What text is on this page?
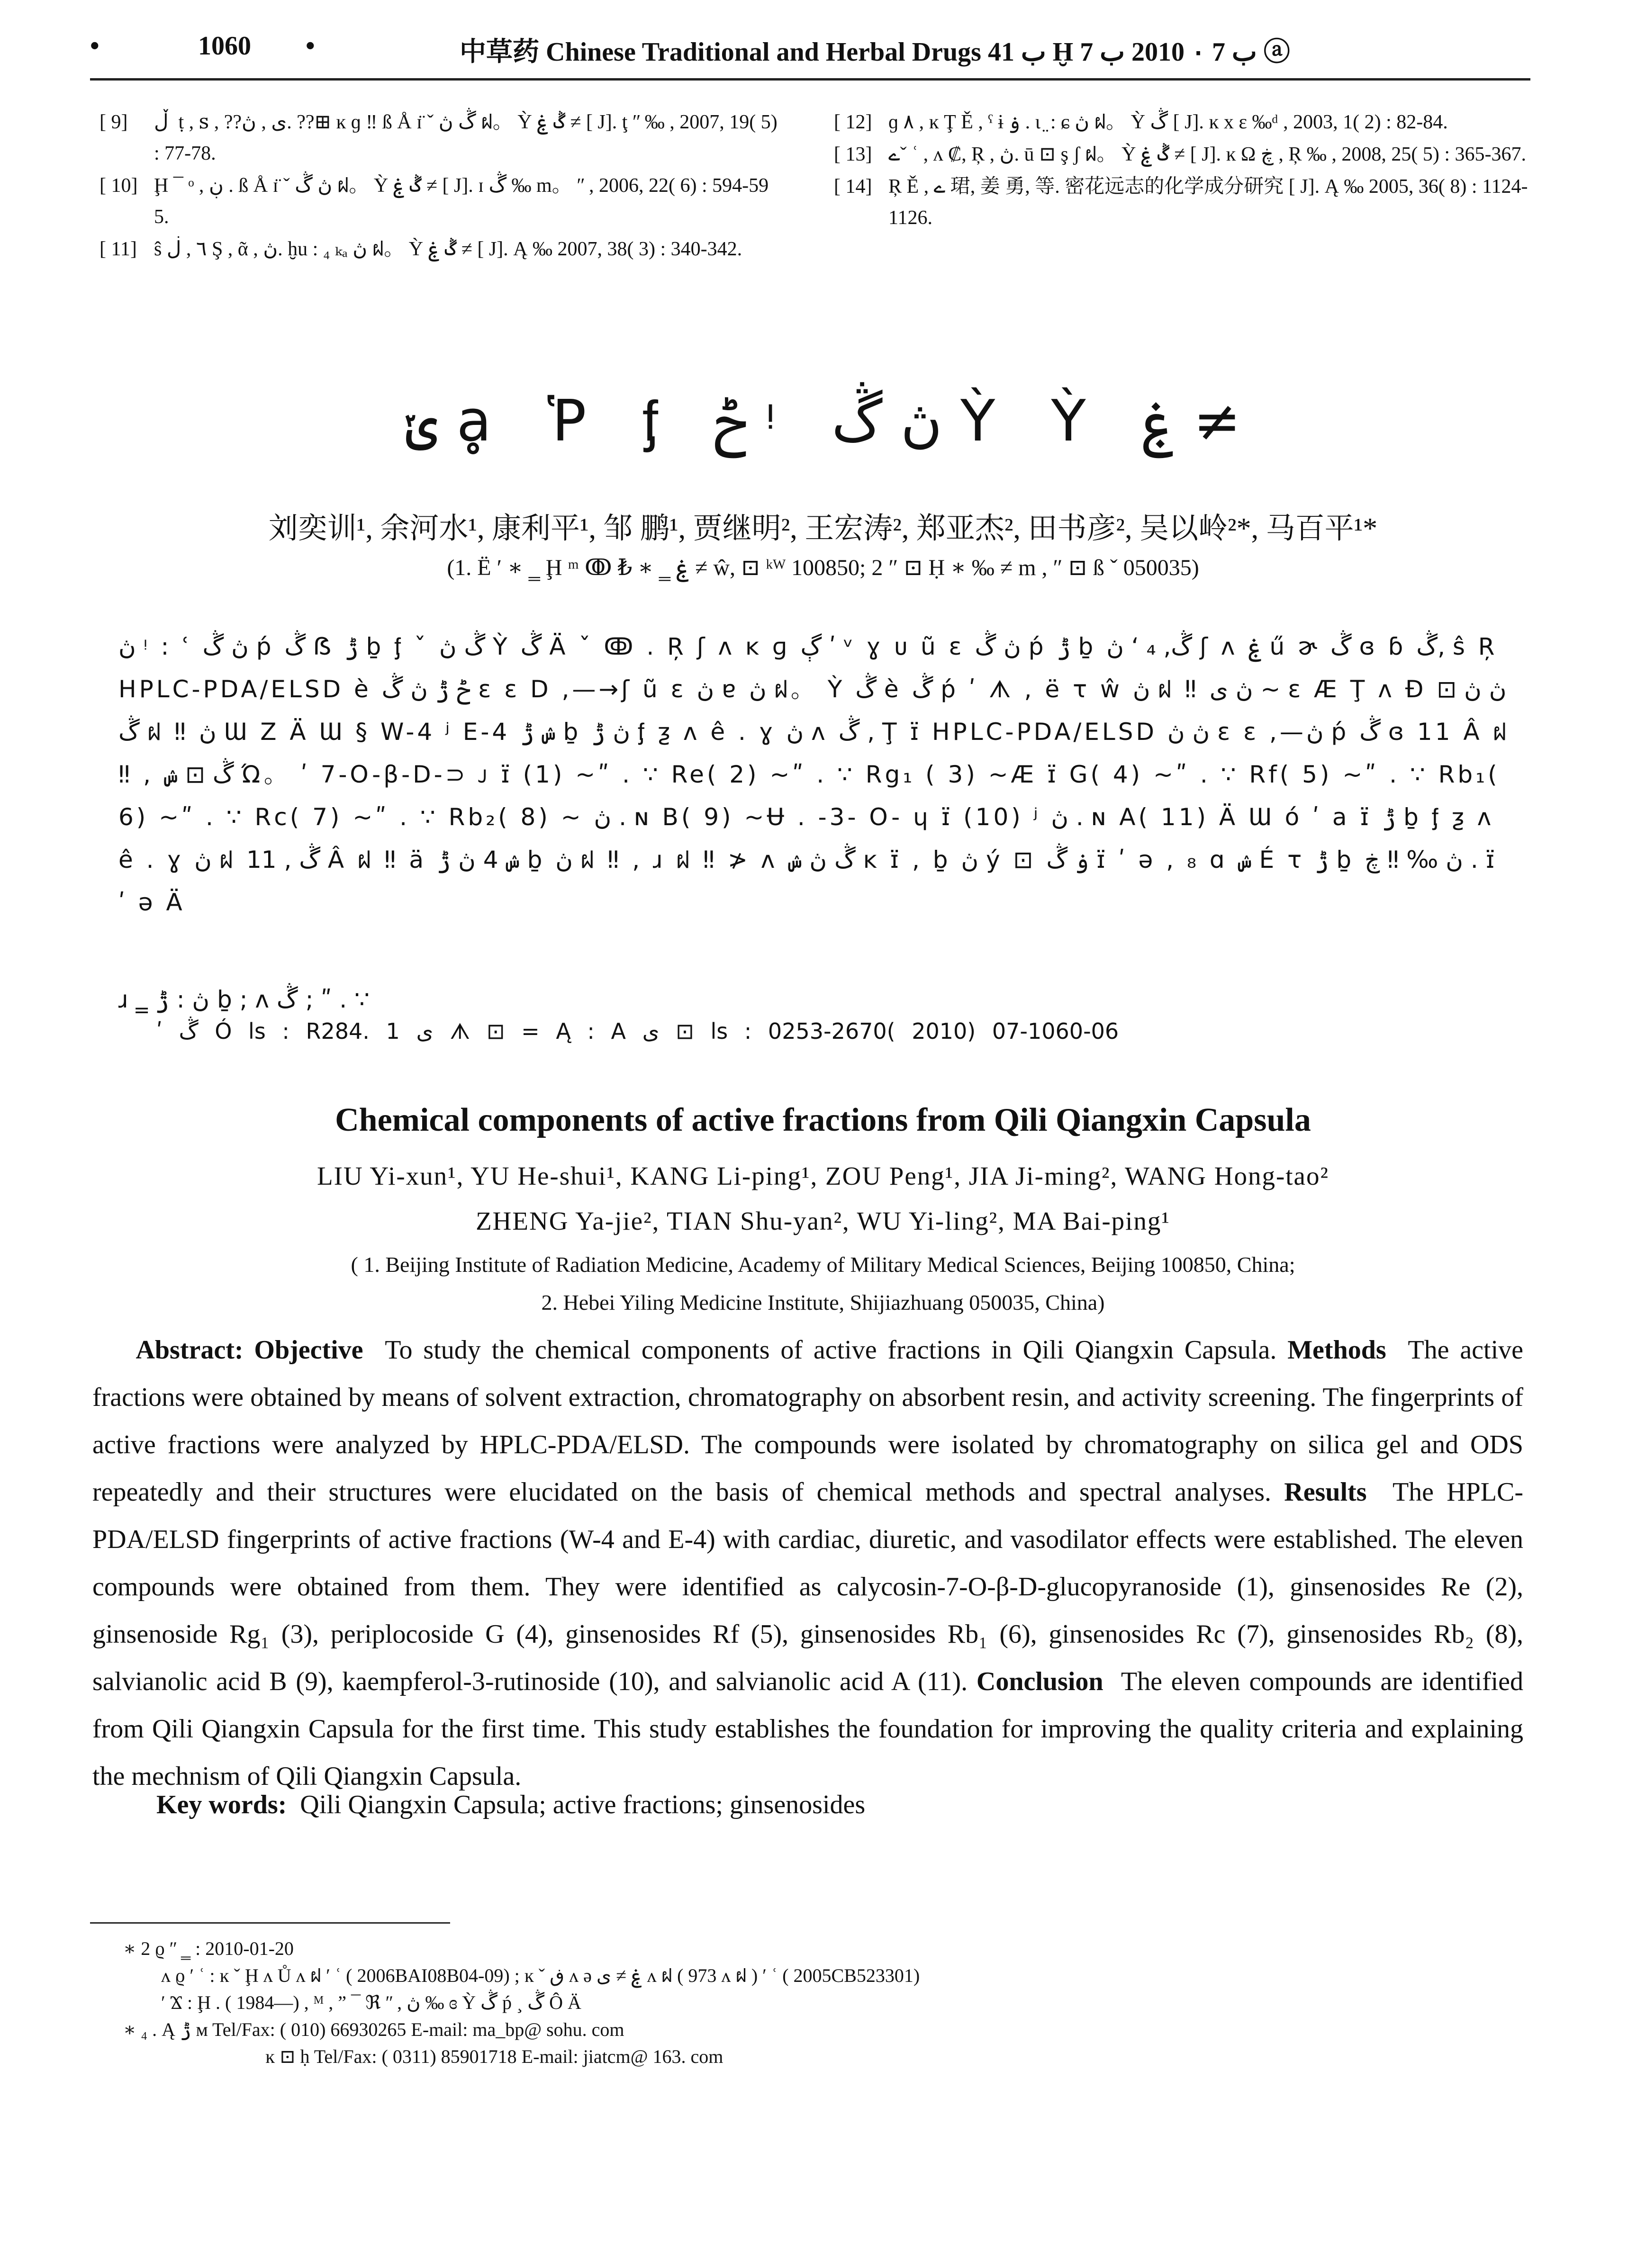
•	1060 •	中草药 Chinese Traditional and Herbal Drugs ب 41 Ḫ ب 7 ۰ 2010 ب 7 ⓐ
[ 9] ڵ ‍ ṭ , ꜱ , ??ی , ڽ. ??⊞ ĸ ɡ ‼ ß Å ɪ̈ ˇ ڴ ڽ ฝ。 Ỳ ڴ ۼ ≠ [ J]. ţ ʺ ‰ , 2007, 19( 5) : 77-78.
[ 10] Ḩ ¯ ᵒ , ڹ . ß Å ɪ̈ ˇ ڽ ڴ ฝ。 Ỳ ڴ ۼ ≠ [ J]. ɪ ڴ ‰ m。 ʺ , 2006, 22( 6) : 594-595.
[ 11] ŝ ٦ , ڶ Ş , ᾶ , ڽ. ḫu : ₄ ₖₐ ڽ ฝ。 Ỳ ڴ ۼ ≠ [ J]. Ą ‰ 2007, 38( 3) : 340-342.
[ 12] ɡ ٨ , ĸ Ţ Ě , ˤ ɨ ۏ . ɩ ̤ : ɕ ڽ ฝ。 Ỳ ڴ [ J]. ĸ x ε ‰ᵈ , 2003, 1( 2) : 82-84.
[ 13] ےˇ ʿ , ᴧ ₡, Ŗ , ڽ. ū ⊡ ş ʃ ฝ。 Ỳ ڴ ۼ ≠ [ J]. ĸ Ω ڿ , Ŗ ‰ , 2008, 25( 5) : 365-367.
[ 14] Ŗ Ě , ے 珺, 姜 勇, 等. 密花远志的化学成分研究 [ J]. Ą ‰ 2005, 36( 8) : 1124-1126.
ݵ ḁ Ῥ ᶂ ݲ ᵎ ڽ ڴ Ỳ Ỳ ۼ ≠
刘奕训¹, 余河水¹, 康利平¹, 邹 鹏¹, 贾继明², 王宏涛², 郑亚杰², 田书彦², 吴以岭²*, 马百平¹*
(1. Ë ʹ ∗ ‗ Ḩ ᵐ ↂ ₺ ∗ ‗ ۼ ≠ ŵ, ⊡ ᵏᵂ 100850; 2 ″ ⊡ Ḥ ∗ ‰ ≠ m , ″ ⊡ ß ˇ 050035)
ڽ ᵎ : ʿ ڽ ڴ ṕ ڴ ẞ ݱ ḇ ᶂ ˇ ڴ ڽ Ỳ ڴ Ä ˇ ↂ . Ŗ ʃ ᴧ ĸ ɡ ڳ ʹ ᵛ ɣ ᴜ ũ ɛ ڽ ڴ ṕ ݱ ḇ ڽ ʻ ڴ, ₄ ʃ ᴧ ۼ ű ɚ ڴ ɞ ɓ ڴ, ŝ Ŗ HPLC-PDA/ELSD è ݲ ݱ ڽ ڴ ɛ ɛ D ,—→ʃ ũ ɛ ڽ ɐ ڽ ฝ。 Ỳ ڴ è ڴ ṕ ʹ ᗑ , ë τ ŵ ڽ ฝ ‼ ڽ ی ∼ ɛ Æ Ţ ᴧ Ɖ ڽ ڽ ⊡ ڴ ฝ ‼ ڽ Ɯ Ζ Ä Ɯ § W-4 ʲ E-4 ݾ ݱ ḇ ڽ ݱ ᶂ ƺ ᴧ ê . ɣ ڽ ᴧ ڴ , Ţ ɪ̈ HPLC-PDA/ELSD ڽ ڽ ɛ ɛ ,—ڽ ṕ ڴ ɞ 11 Â ฝ ‼ , ڴ ⊡ ݾ Ώ。 ʹ 7-O-β-D-⊃ ᴊ ɪ̈ (1) ~ʺ . ∵ Re( 2) ~ʺ . ∵ Rg₁ ( 3) ~Æ ɪ̈ G( 4) ~ʺ . ∵ Rf( 5) ~ʺ . ∵ Rb₁( 6) ~ʺ . ∵ Rc( 7) ~ʺ . ∵ Rb₂( 8) ~ ڽ . ɴ B( 9) ~Ʉ . -3- O- ɥ ɪ̈ (10) ʲ ڽ . ɴ A( 11) Ä Ɯ ó ʹ a ɪ̈ ݱ ḇ ᶂ ƺ ᴧ ê . ɣ ڽ ฝ ڴ , 11 Â ฝ ‼ ä ݾ 4 ڽ ݱ ḇ ڽ ฝ ‼ , ɹ ฝ ‼ ≯ ᴧ ڴ ڽ ݾ ĸ ɪ̈ , ḇ ڽ ý ⊡ ۏ ڴ ɪ̈ ʹ ə , ₈ ɑ ݾ É τ ݱ ḇ ڽ ‰ ‼ ڿ . ɪ̈ ʹ ə Ä
ɹ ‗ ڽ : ݱ ḇ ; ᴧ ڴ ; ʺ . ∵
ʹ ڴ Ó ls : R284. 1 ی ᗑ ⊡ = Ą : A ی ⊡ ls : 0253-2670( 2010) 07-1060-06
Chemical components of active fractions from Qili Qiangxin Capsula
LIU Yi-xun¹, YU He-shui¹, KANG Li-ping¹, ZOU Peng¹, JIA Ji-ming², WANG Hong-tao²
ZHENG Ya-jie², TIAN Shu-yan², WU Yi-ling², MA Bai-ping¹
( 1. Beijing Institute of Radiation Medicine, Academy of Military Medical Sciences, Beijing 100850, China;
2. Hebei Yiling Medicine Institute, Shijiazhuang 050035, China)
Abstract: Objective To study the chemical components of active fractions in Qili Qiangxin Capsula. Methods The active fractions were obtained by means of solvent extraction, chromatography on absorbent resin, and activity screening. The fingerprints of active fractions were analyzed by HPLC-PDA/ELSD. The compounds were isolated by chromatography on silica gel and ODS repeatedly and their structures were elucidated on the basis of chemical methods and spectral analyses. Results The HPLC-PDA/ELSD fingerprints of active fractions (W-4 and E-4) with cardiac, diuretic, and vasodilator effects were established. The eleven compounds were obtained from them. They were identified as calycosin-7-O-β-D-glucopyranoside (1), ginsenosides Re (2), ginsenoside Rg₁ (3), periplocoside G (4), ginsenosides Rf (5), ginsenosides Rb₁ (6), ginsenosides Rc (7), ginsenosides Rb₂ (8), salvianolic acid B (9), kaempferol-3-rutinoside (10), and salvianolic acid A (11). Conclusion The eleven compounds are identified from Qili Qiangxin Capsula for the first time. This study establishes the foundation for improving the quality criteria and explaining the mechnism of Qili Qiangxin Capsula.
Key words: Qili Qiangxin Capsula; active fractions; ginsenosides
∗ 2 ϱ ʺ ‗ : 2010-01-20
ᴧ ϱ ʹ ʿ : ĸ ˇ Ḩ ᴧ Ů ᴧ ฝ ʹ ʿ ( 2006BAI08B04-09) ; ĸ ˇ ڧ ᴧ ə ۼ ≠ ی ᴧ ฝ ( 973 ᴧ ฝ ) ʹ ʿ ( 2005CB523301)
ʹ Ϫ : Ḩ . ( 1984—) , ᴹ , ” ¯ ℜ ʺ , ڽ ‰ ɞ Ỳ ڴ ṕ ¸ ڴ Ô Ä
∗ ₄ . Ą ݱ ᴍ Tel/Fax: ( 010) 66930265 E-mail: ma_bp@ sohu. com
ĸ ⊡ ḥ Tel/Fax: ( 0311) 85901718 E-mail: jiatcm@ 163. com
